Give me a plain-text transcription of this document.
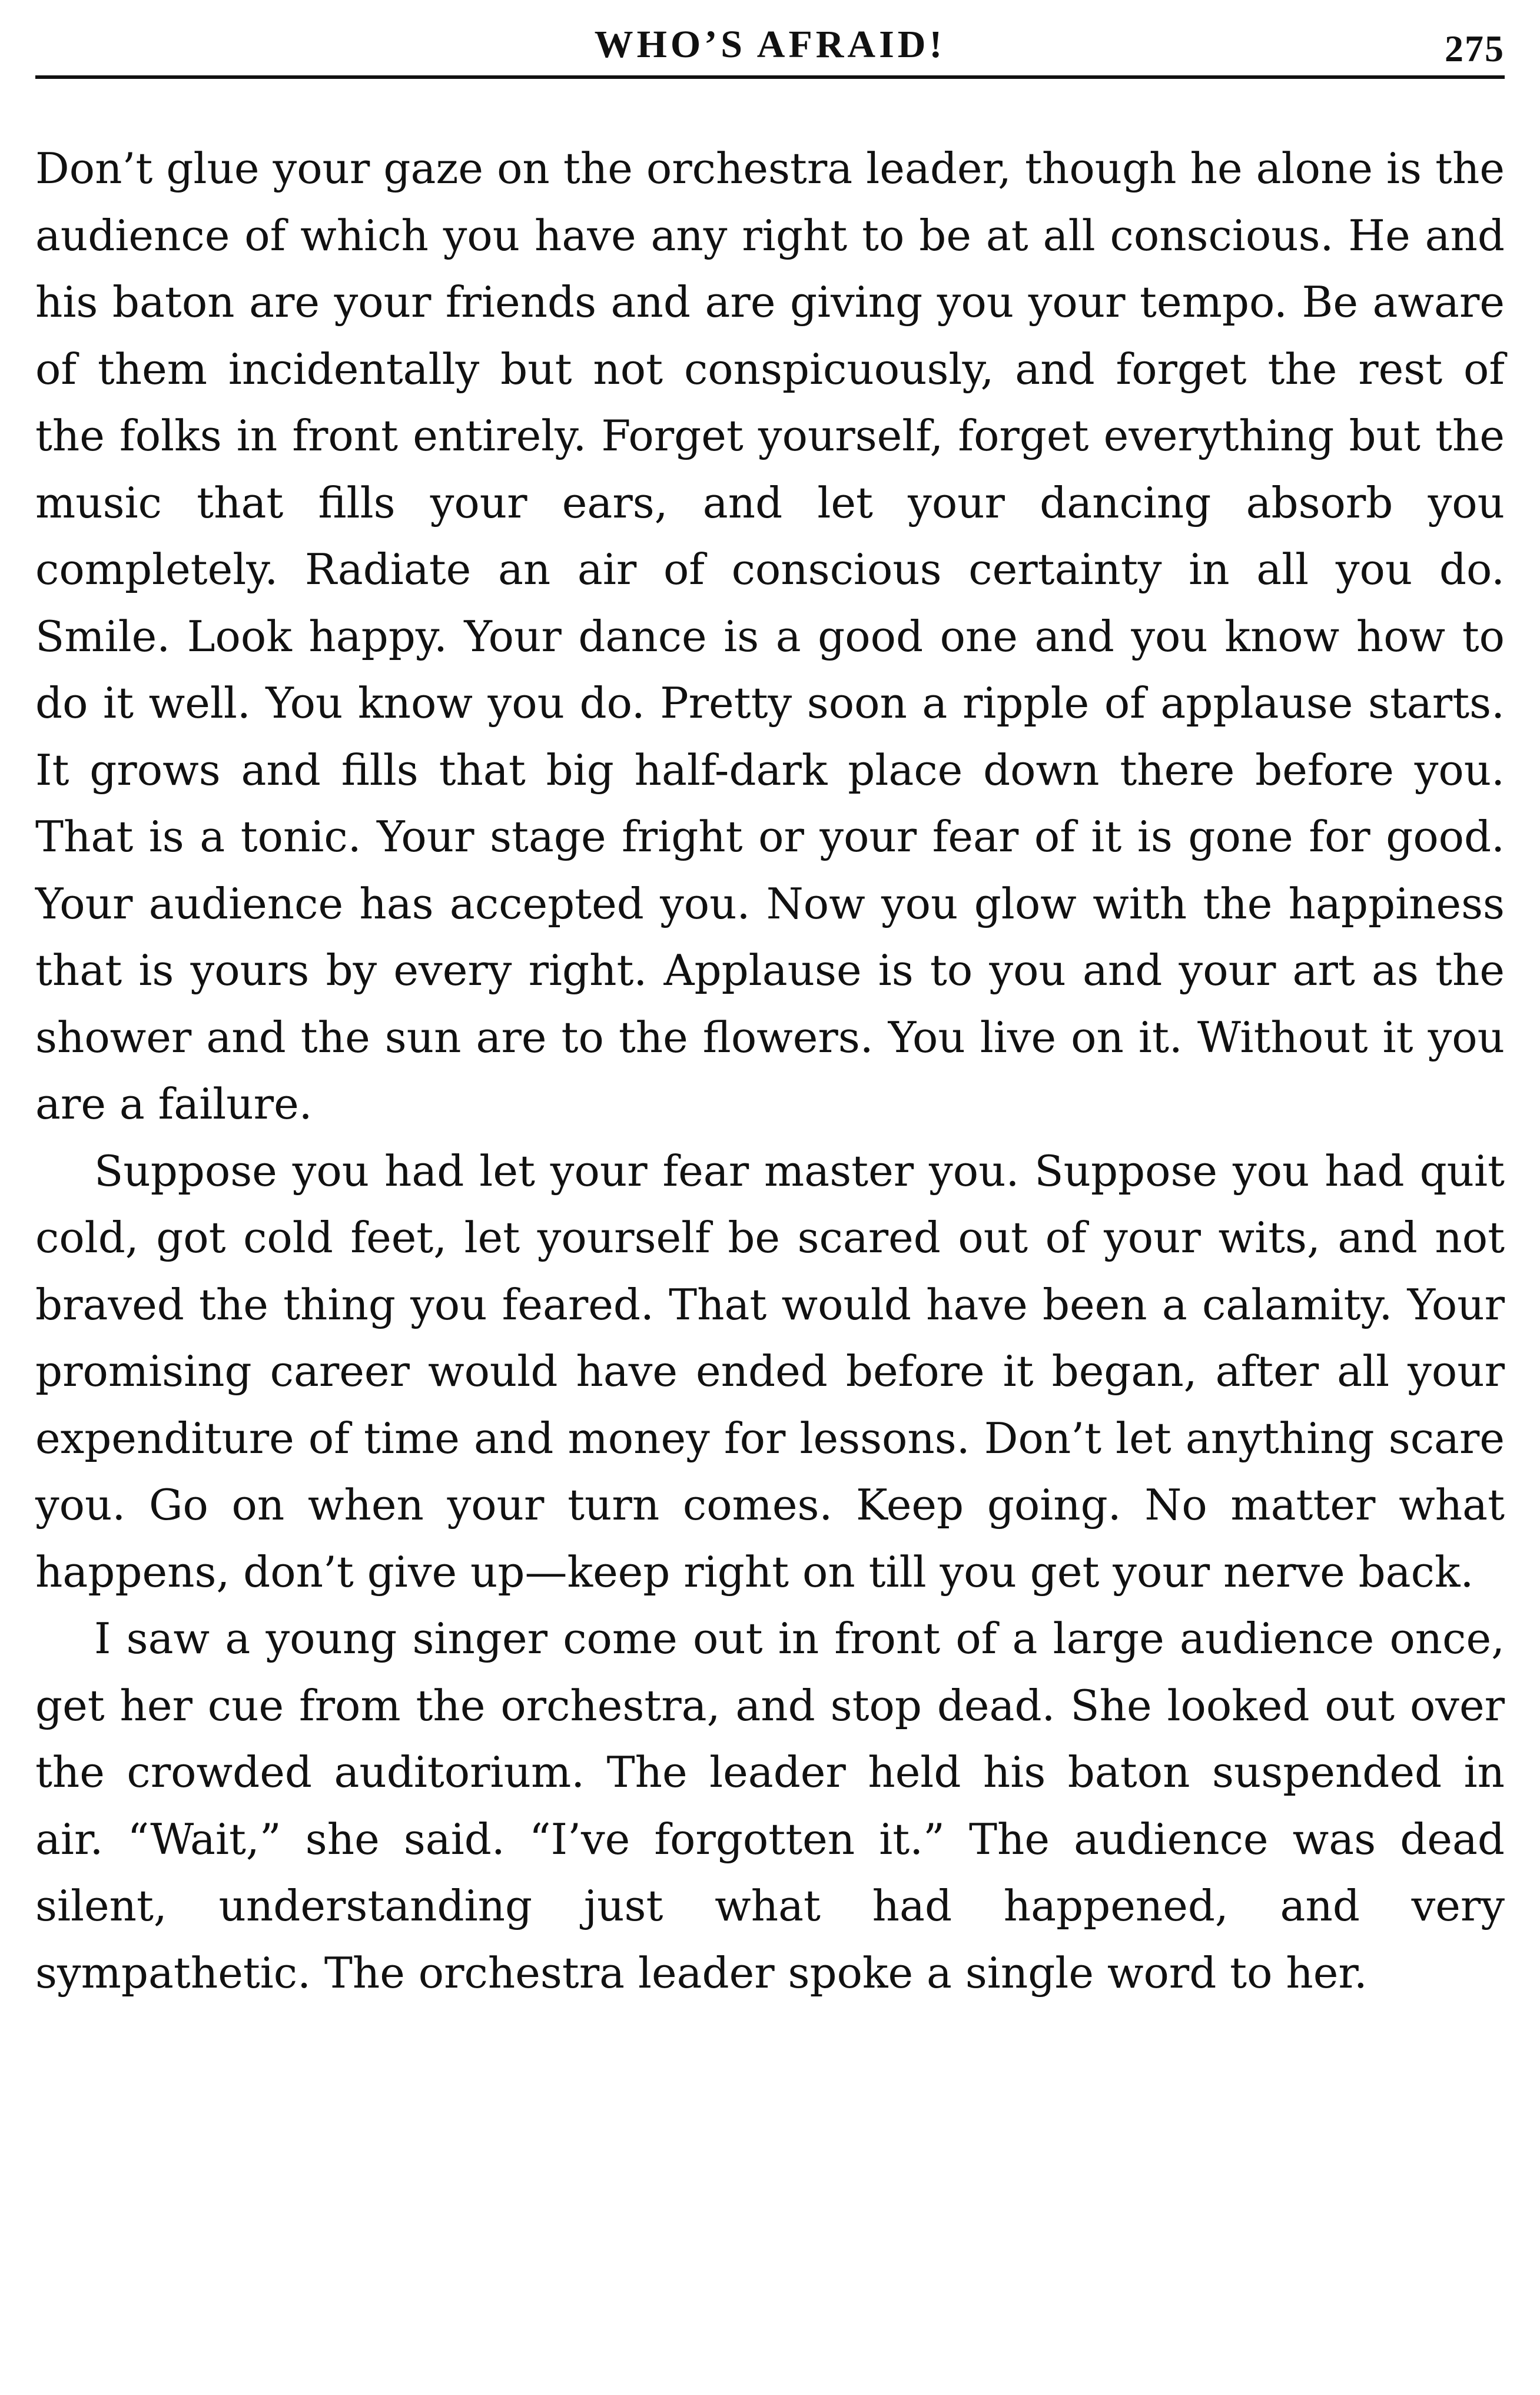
WHO’S AFRAID!	275

Don’t glue your gaze on the orchestra leader, though he alone is the audience of which you have any right to be at all conscious. He and his baton are your friends and are giving you your tempo. Be aware of them incidentally but not conspicuously, and forget the rest of the folks in front entirely. Forget yourself, forget everything but the music that fills your ears, and let your dancing absorb you completely. Radiate an air of conscious certainty in all you do. Smile. Look happy. Your dance is a good one and you know how to do it well. You know you do. Pretty soon a ripple of applause starts. It grows and fills that big half-dark place down there before you. That is a tonic. Your stage fright or your fear of it is gone for good. Your audience has accepted you. Now you glow with the happiness that is yours by every right. Applause is to you and your art as the shower and the sun are to the flowers. You live on it. Without it you are a failure.

Suppose you had let your fear master you. Suppose you had quit cold, got cold feet, let yourself be scared out of your wits, and not braved the thing you feared. That would have been a calamity. Your promising career would have ended before it began, after all your expenditure of time and money for lessons. Don’t let anything scare you. Go on when your turn comes. Keep going. No matter what happens, don’t give up—keep right on till you get your nerve back.

I saw a young singer come out in front of a large audience once, get her cue from the orchestra, and stop dead. She looked out over the crowded auditorium. The leader held his baton suspended in air. “Wait,” she said. “I’ve forgotten it.” The audience was dead silent, understanding just what had happened, and very sympathetic. The orchestra leader spoke a single word to her.
